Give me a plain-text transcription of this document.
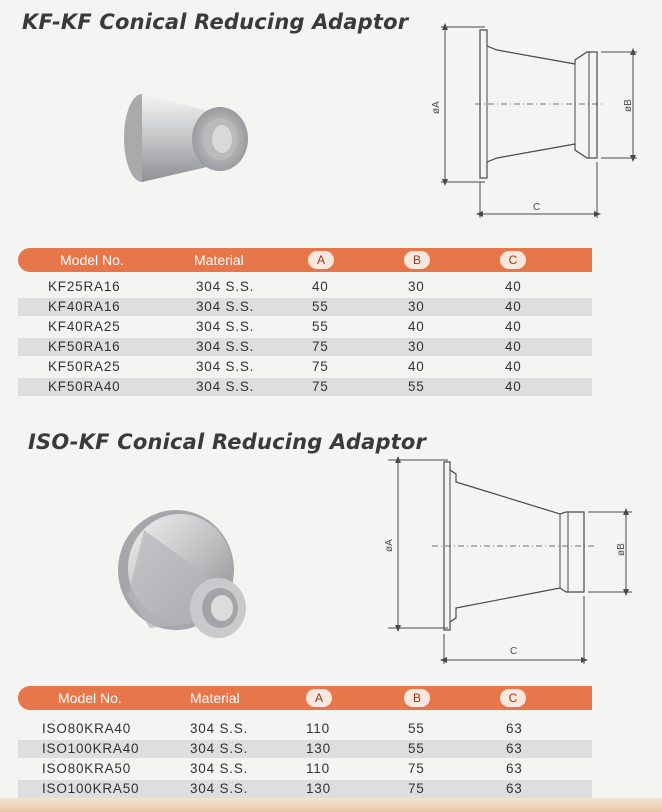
KF-KF Conical Reducing Adaptor
øA	øB
C
Model No.	Material	A	B	C
KF25RA16	304 S.S.	40	30	40
KF40RA16	304 S.S.	55	30	40
KF40RA25	304 S.S.	55	40	40
KF50RA16	304 S.S.	75	30	40
KF50RA25	304 S.S.	75	40	40
KF50RA40	304 S.S.	75	55	40
ISO-KF Conical Reducing Adaptor
øA	øB
C
Model No.	Material	A	B	C
ISO80KRA40	304 S.S.	110	55	63
ISO100KRA40	304 S.S.	130	55	63
ISO80KRA50	304 S.S.	110	75	63
ISO100KRA50	304 S.S.	130	75	63
